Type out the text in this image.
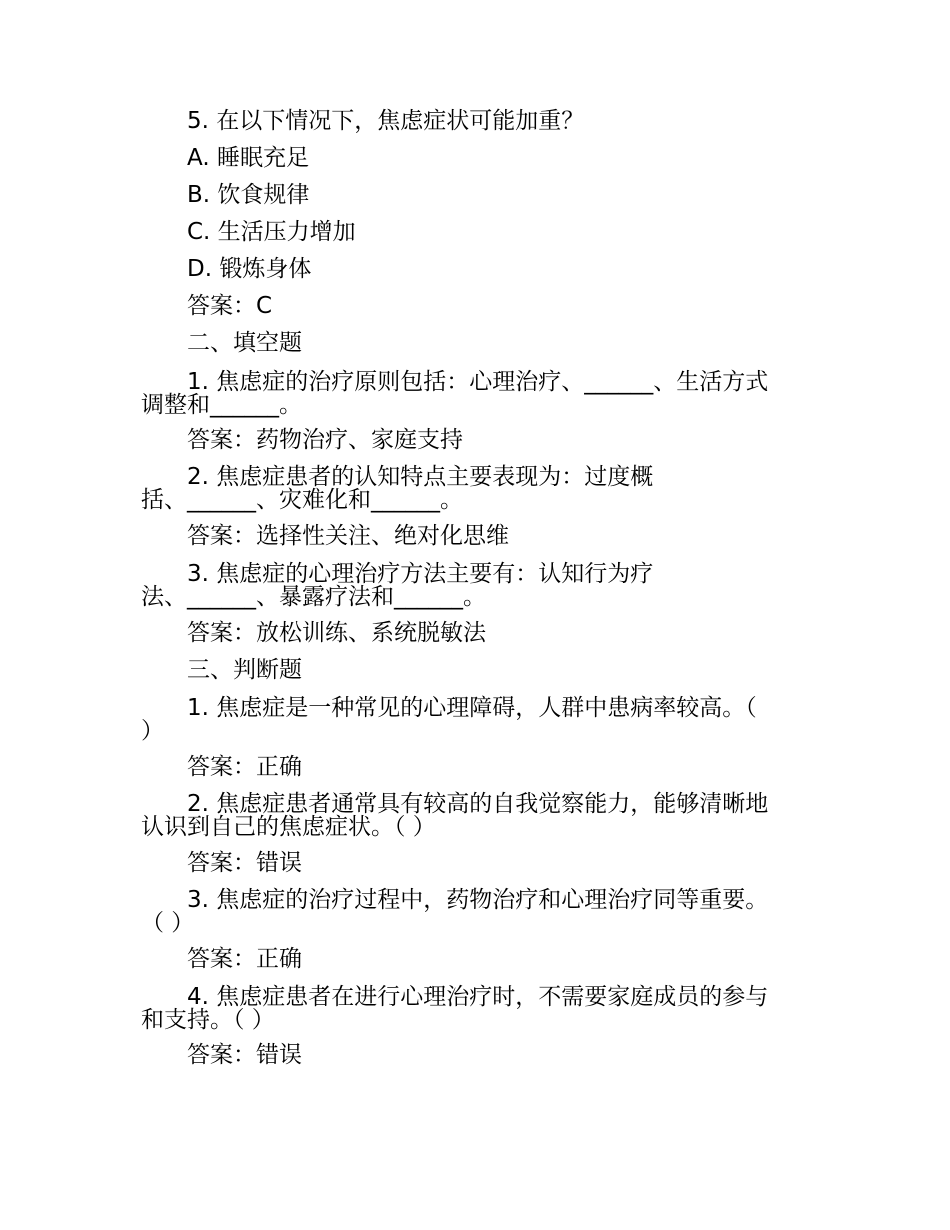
5. 在以下情况下，焦虑症状可能加重？
A. 睡眠充足
B. 饮食规律
C. 生活压力增加
D. 锻炼身体
答案：C
二、填空题
1. 焦虑症的治疗原则包括：心理治疗、______、生活方式
调整和______。
答案：药物治疗、家庭支持
2. 焦虑症患者的认知特点主要表现为：过度概
括、______、灾难化和______。
答案：选择性关注、绝对化思维
3. 焦虑症的心理治疗方法主要有：认知行为疗
法、______、暴露疗法和______。
答案：放松训练、系统脱敏法
三、判断题
1. 焦虑症是一种常见的心理障碍，人群中患病率较高。（
）
答案：正确
2. 焦虑症患者通常具有较高的自我觉察能力，能够清晰地
认识到自己的焦虑症状。（ ）
答案：错误
3. 焦虑症的治疗过程中，药物治疗和心理治疗同等重要。
（ ）
答案：正确
4. 焦虑症患者在进行心理治疗时，不需要家庭成员的参与
和支持。（ ）
答案：错误
